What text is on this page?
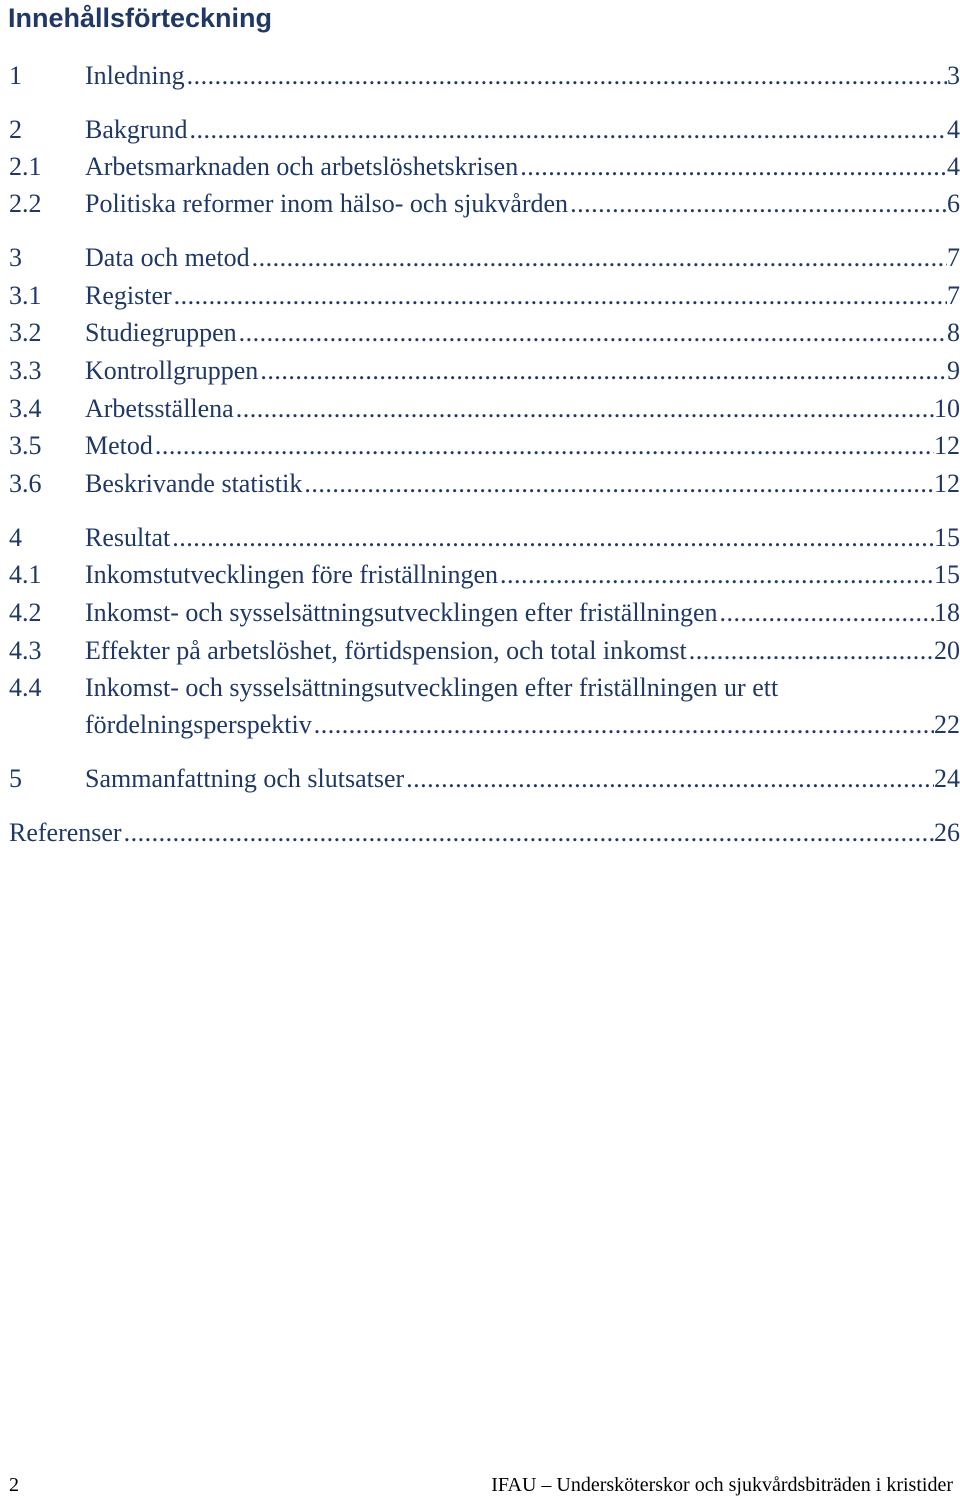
Innehållsförteckning
1 Inledning .....	3
2 Bakgrund .....	4
2.1 Arbetsmarknaden och arbetslöshetskrisen .....	4
2.2 Politiska reformer inom hälso- och sjukvården .....	6
3 Data och metod .....	7
3.1 Register .....	7
3.2 Studiegruppen .....	8
3.3 Kontrollgruppen .....	9
3.4 Arbetsställena .....	10
3.5 Metod .....	12
3.6 Beskrivande statistik .....	12
4 Resultat .....	15
4.1 Inkomstutvecklingen före friställningen .....	15
4.2 Inkomst- och sysselsättningsutvecklingen efter friställningen .....	18
4.3 Effekter på arbetslöshet, förtidspension, och total inkomst .....	20
4.4 Inkomst- och sysselsättningsutvecklingen efter friställningen ur ett
fördelningsperspektiv .....	22
5 Sammanfattning och slutsatser .....	24
Referenser .....	26
2	IFAU – Undersköterskor och sjukvårdsbiträden i kristider
